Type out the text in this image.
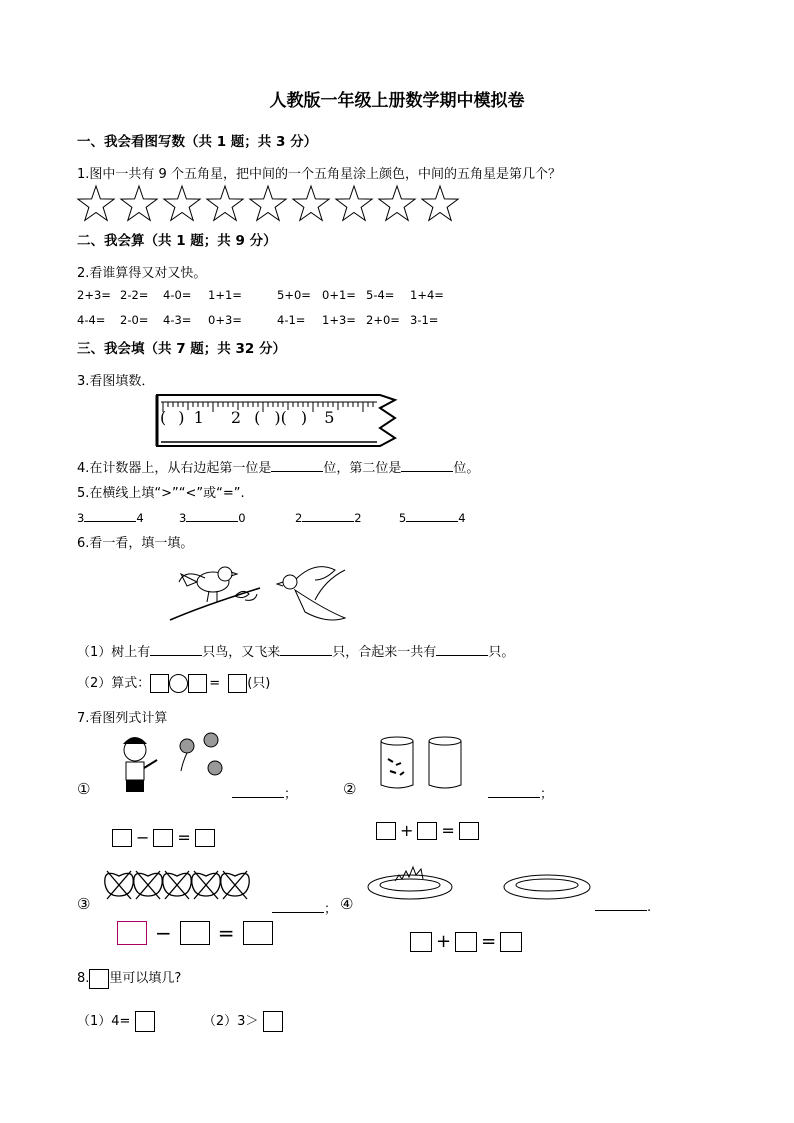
人教版一年级上册数学期中模拟卷
一、我会看图写数（共 1 题；共 3 分）
1.图中一共有 9 个五角星，把中间的一个五角星涂上颜色，中间的五角星是第几个？
二、我会算（共 1 题；共 9 分）
2.看谁算得又对又快。
2+3= 2-2= 4-0= 1+1=	5+0= 0+1= 5-4= 1+4=
4-4= 2-0= 4-3= 0+3=	4-1= 1+3= 2+0= 3-1=
三、我会填（共 7 题；共 32 分）
3.看图填数．
( ) 1 2 ( )( ) 5
4.在计数器上，从右边起第一位是	位，第二位是	位。
5.在横线上填“>”“<”或“=”.
3	4	3	0	2	2	5	4
6.看一看，填一填。
（1）树上有	只鸟，又飞来	只，合起来一共有	只。
（2）算式：	= (只)
7.看图列式计算
①	；
− =
②	；
+ =
③	； ④
− =
.
+ =
8. 里可以填几?
（1）4=	（2）3＞
